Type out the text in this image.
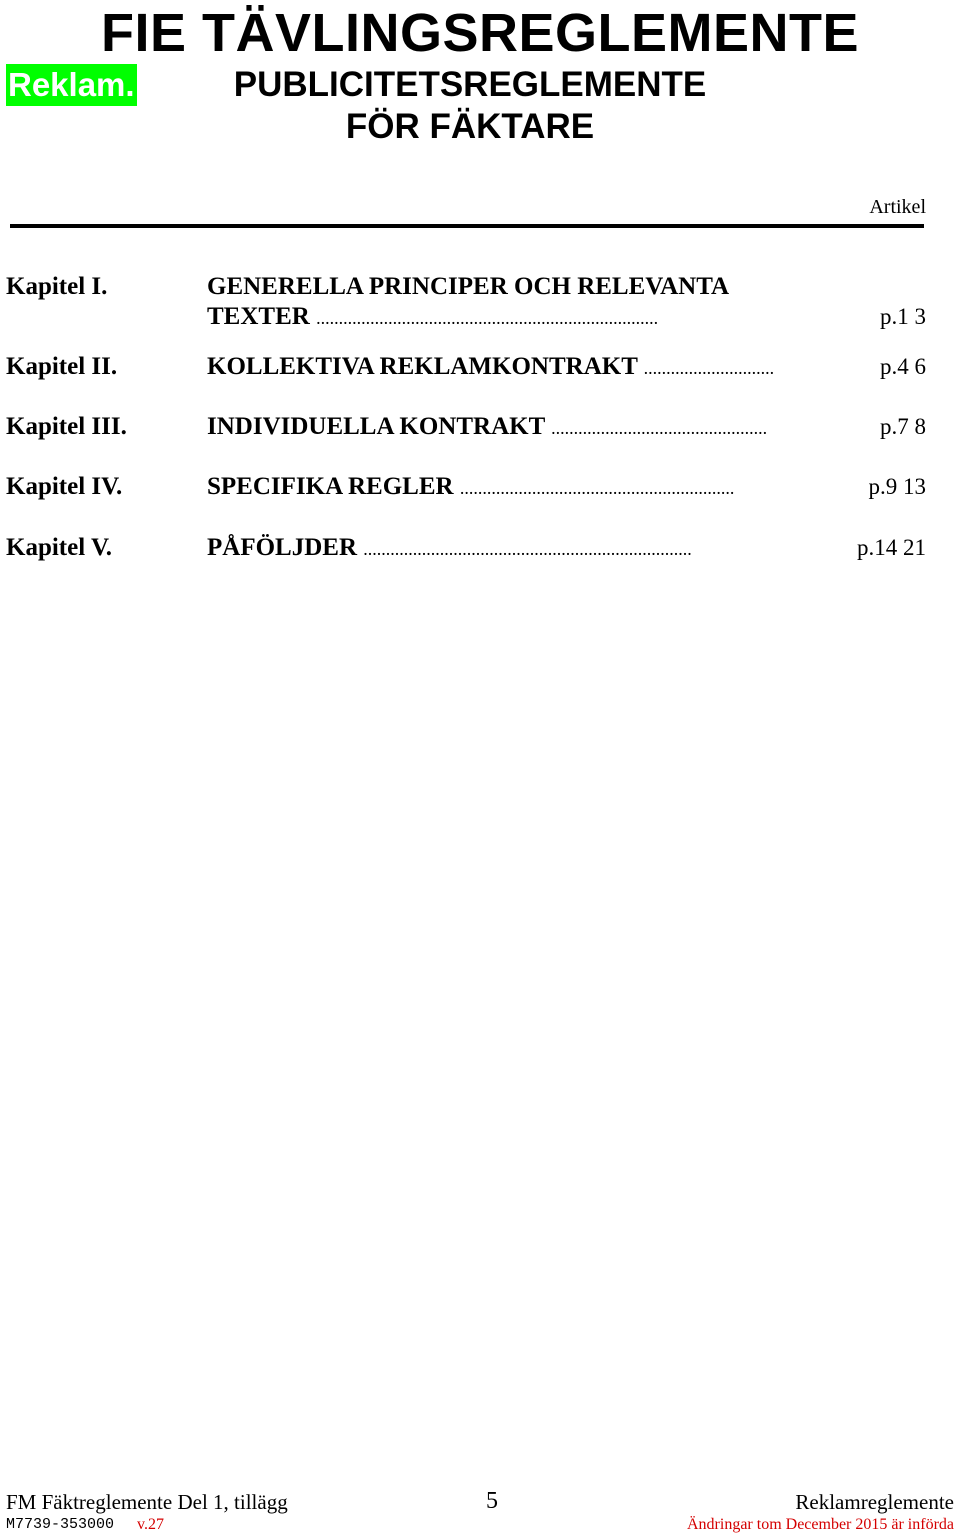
FIE TÄVLINGSREGLEMENTE
Reklam.	PUBLICITETSREGLEMENTE
FÖR FÄKTARE
Artikel
Kapitel I.	GENERELLA PRINCIPER OCH RELEVANTA
TEXTER ............................................................................	p.1 3
Kapitel II.	KOLLEKTIVA REKLAMKONTRAKT .............................	p.4 6
Kapitel III.	INDIVIDUELLA KONTRAKT ................................................	p.7 8
Kapitel IV.	SPECIFIKA REGLER .............................................................	p.9 13
Kapitel V.	PÅFÖLJDER .........................................................................	p.14 21
FM Fäktreglemente Del 1, tillägg	5	Reklamreglemente
M7739-353000 v.27	Ändringar tom December 2015 är införda
